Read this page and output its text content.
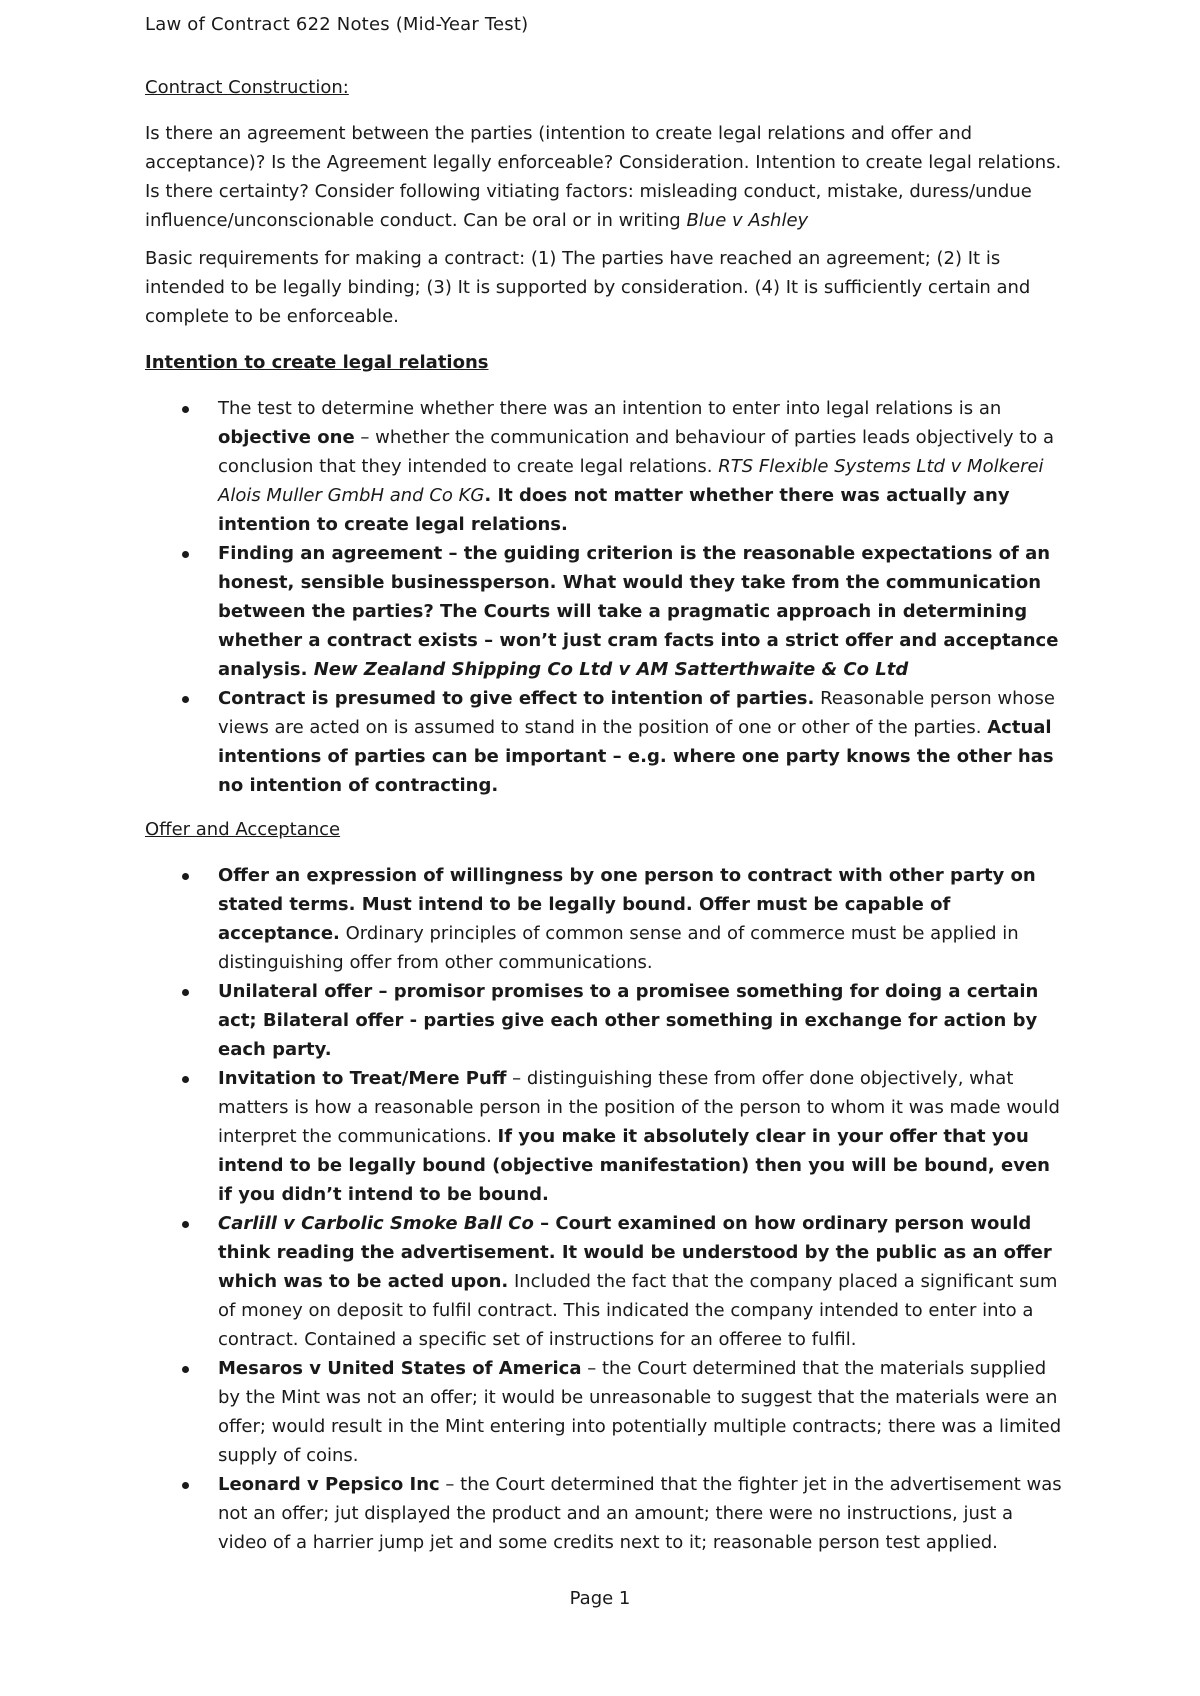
Law of Contract 622 Notes (Mid-Year Test)
Contract Construction:

Is there an agreement between the parties (intention to create legal relations and offer and acceptance)? Is the Agreement legally enforceable? Consideration. Intention to create legal relations. Is there certainty? Consider following vitiating factors: misleading conduct, mistake, duress/undue influence/unconscionable conduct. Can be oral or in writing Blue v Ashley

Basic requirements for making a contract: (1) The parties have reached an agreement; (2) It is intended to be legally binding; (3) It is supported by consideration. (4) It is sufficiently certain and complete to be enforceable.

Intention to create legal relations
The test to determine whether there was an intention to enter into legal relations is an objective one – whether the communication and behaviour of parties leads objectively to a conclusion that they intended to create legal relations. RTS Flexible Systems Ltd v Molkerei Alois Muller GmbH and Co KG. It does not matter whether there was actually any intention to create legal relations.
Finding an agreement – the guiding criterion is the reasonable expectations of an honest, sensible businessperson. What would they take from the communication between the parties? The Courts will take a pragmatic approach in determining whether a contract exists – won’t just cram facts into a strict offer and acceptance analysis. New Zealand Shipping Co Ltd v AM Satterthwaite & Co Ltd
Contract is presumed to give effect to intention of parties. Reasonable person whose views are acted on is assumed to stand in the position of one or other of the parties. Actual intentions of parties can be important – e.g. where one party knows the other has no intention of contracting.
Offer and Acceptance
Offer an expression of willingness by one person to contract with other party on stated terms. Must intend to be legally bound. Offer must be capable of acceptance. Ordinary principles of common sense and of commerce must be applied in distinguishing offer from other communications.
Unilateral offer – promisor promises to a promisee something for doing a certain act; Bilateral offer - parties give each other something in exchange for action by each party.
Invitation to Treat/Mere Puff – distinguishing these from offer done objectively, what matters is how a reasonable person in the position of the person to whom it was made would interpret the communications. If you make it absolutely clear in your offer that you intend to be legally bound (objective manifestation) then you will be bound, even if you didn’t intend to be bound.
Carlill v Carbolic Smoke Ball Co – Court examined on how ordinary person would think reading the advertisement. It would be understood by the public as an offer which was to be acted upon. Included the fact that the company placed a significant sum of money on deposit to fulfil contract. This indicated the company intended to enter into a contract. Contained a specific set of instructions for an offeree to fulfil.
Mesaros v United States of America – the Court determined that the materials supplied by the Mint was not an offer; it would be unreasonable to suggest that the materials were an offer; would result in the Mint entering into potentially multiple contracts; there was a limited supply of coins.
Leonard v Pepsico Inc – the Court determined that the fighter jet in the advertisement was not an offer; jut displayed the product and an amount; there were no instructions, just a video of a harrier jump jet and some credits next to it; reasonable person test applied.
Page 1
